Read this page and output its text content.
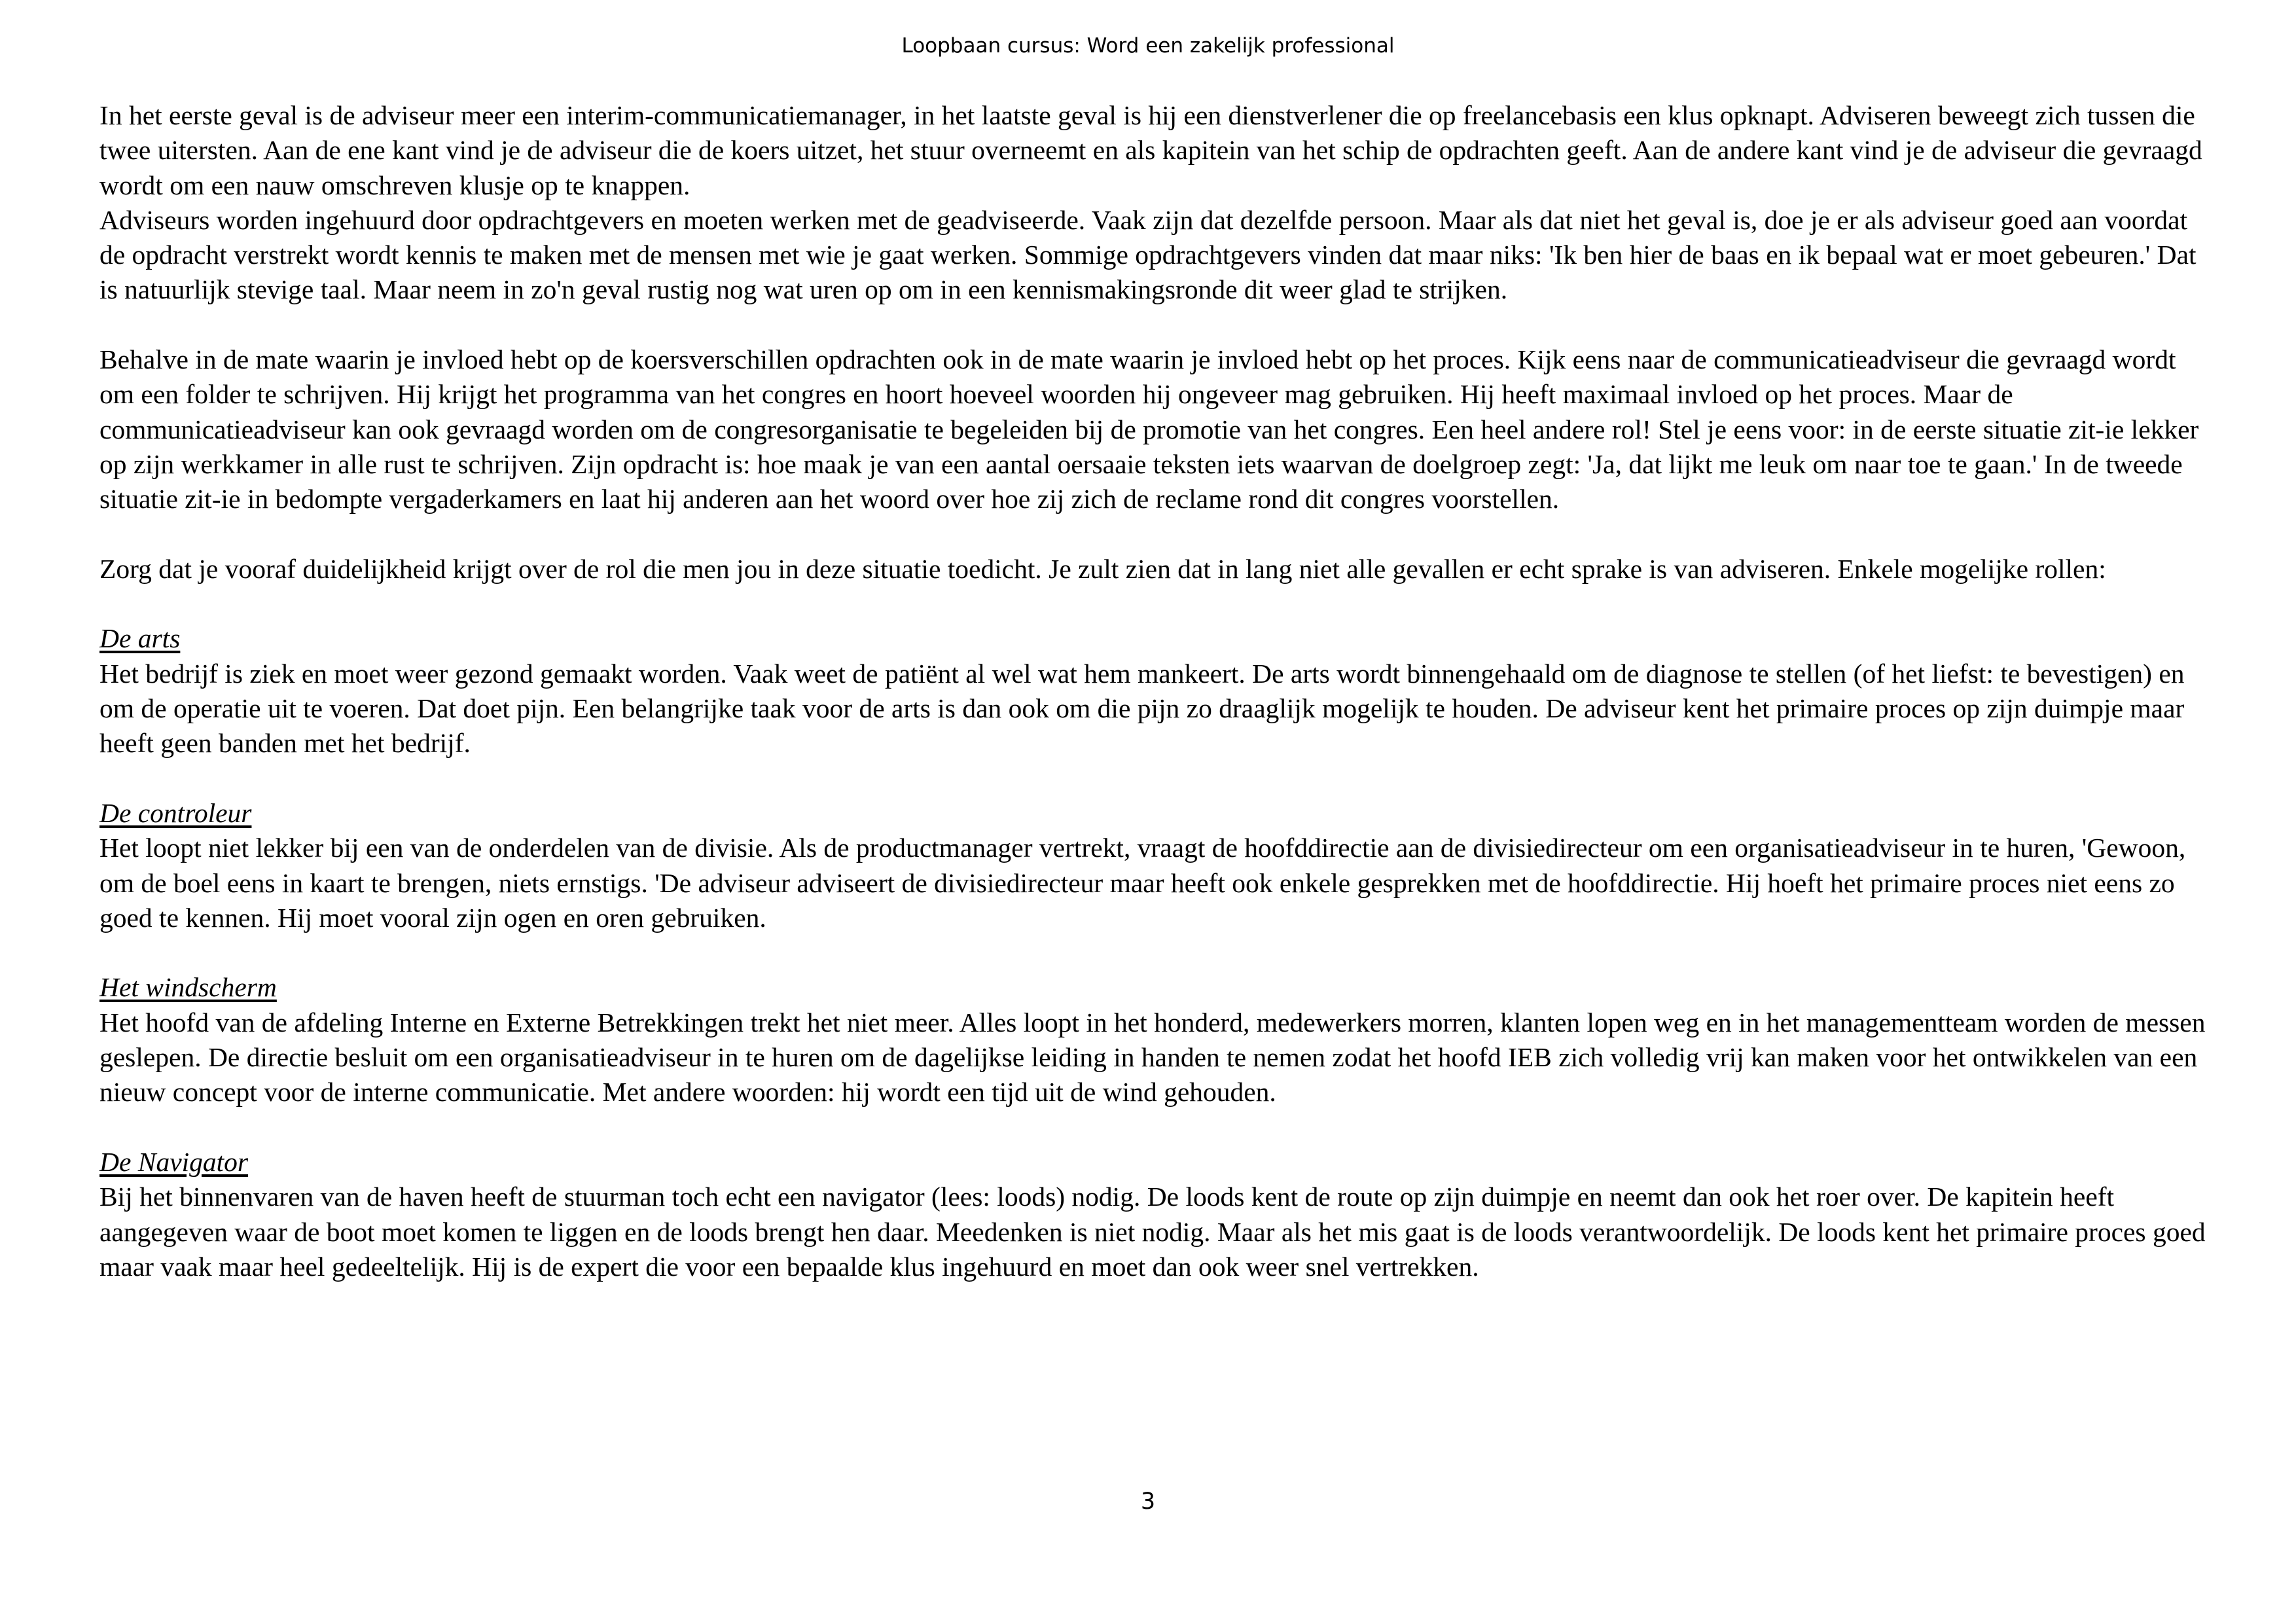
Loopbaan cursus: Word een zakelijk professional

In het eerste geval is de adviseur meer een interim-communicatiemanager, in het laatste geval is hij een dienstverlener die op freelancebasis een klus opknapt. Adviseren beweegt zich tussen die twee uitersten. Aan de ene kant vind je de adviseur die de koers uitzet, het stuur overneemt en als kapitein van het schip de opdrachten geeft. Aan de andere kant vind je de adviseur die gevraagd wordt om een nauw omschreven klusje op te knappen.

Adviseurs worden ingehuurd door opdrachtgevers en moeten werken met de geadviseerde. Vaak zijn dat dezelfde persoon. Maar als dat niet het geval is, doe je er als adviseur goed aan voordat de opdracht verstrekt wordt kennis te maken met de mensen met wie je gaat werken. Sommige opdrachtgevers vinden dat maar niks: 'Ik ben hier de baas en ik bepaal wat er moet gebeuren.' Dat is natuurlijk stevige taal. Maar neem in zo'n geval rustig nog wat uren op om in een kennismakingsronde dit weer glad te strijken.

Behalve in de mate waarin je invloed hebt op de koersverschillen opdrachten ook in de mate waarin je invloed hebt op het proces. Kijk eens naar de communicatieadviseur die gevraagd wordt om een folder te schrijven. Hij krijgt het programma van het congres en hoort hoeveel woorden hij ongeveer mag gebruiken. Hij heeft maximaal invloed op het proces. Maar de communicatieadviseur kan ook gevraagd worden om de congresorganisatie te begeleiden bij de promotie van het congres. Een heel andere rol! Stel je eens voor: in de eerste situatie zit-ie lekker op zijn werkkamer in alle rust te schrijven. Zijn opdracht is: hoe maak je van een aantal oersaaie teksten iets waarvan de doelgroep zegt: 'Ja, dat lijkt me leuk om naar toe te gaan.' In de tweede situatie zit-ie in bedompte vergaderkamers en laat hij anderen aan het woord over hoe zij zich de reclame rond dit congres voorstellen.

Zorg dat je vooraf duidelijkheid krijgt over de rol die men jou in deze situatie toedicht. Je zult zien dat in lang niet alle gevallen er echt sprake is van adviseren. Enkele mogelijke rollen:

De arts

Het bedrijf is ziek en moet weer gezond gemaakt worden. Vaak weet de patiënt al wel wat hem mankeert. De arts wordt binnengehaald om de diagnose te stellen (of het liefst: te bevestigen) en om de operatie uit te voeren. Dat doet pijn. Een belangrijke taak voor de arts is dan ook om die pijn zo draaglijk mogelijk te houden. De adviseur kent het primaire proces op zijn duimpje maar heeft geen banden met het bedrijf.

De controleur

Het loopt niet lekker bij een van de onderdelen van de divisie. Als de productmanager vertrekt, vraagt de hoofddirectie aan de divisiedirecteur om een organisatieadviseur in te huren, 'Gewoon, om de boel eens in kaart te brengen, niets ernstigs. 'De adviseur adviseert de divisiedirecteur maar heeft ook enkele gesprekken met de hoofddirectie. Hij hoeft het primaire proces niet eens zo goed te kennen. Hij moet vooral zijn ogen en oren gebruiken.

Het windscherm

Het hoofd van de afdeling Interne en Externe Betrekkingen trekt het niet meer. Alles loopt in het honderd, medewerkers morren, klanten lopen weg en in het managementteam worden de messen geslepen. De directie besluit om een organisatieadviseur in te huren om de dagelijkse leiding in handen te nemen zodat het hoofd IEB zich volledig vrij kan maken voor het ontwikkelen van een nieuw concept voor de interne communicatie. Met andere woorden: hij wordt een tijd uit de wind gehouden.

De Navigator

Bij het binnenvaren van de haven heeft de stuurman toch echt een navigator (lees: loods) nodig. De loods kent de route op zijn duimpje en neemt dan ook het roer over. De kapitein heeft aangegeven waar de boot moet komen te liggen en de loods brengt hen daar. Meedenken is niet nodig. Maar als het mis gaat is de loods verantwoordelijk. De loods kent het primaire proces goed maar vaak maar heel gedeeltelijk. Hij is de expert die voor een bepaalde klus ingehuurd en moet dan ook weer snel vertrekken.

3
